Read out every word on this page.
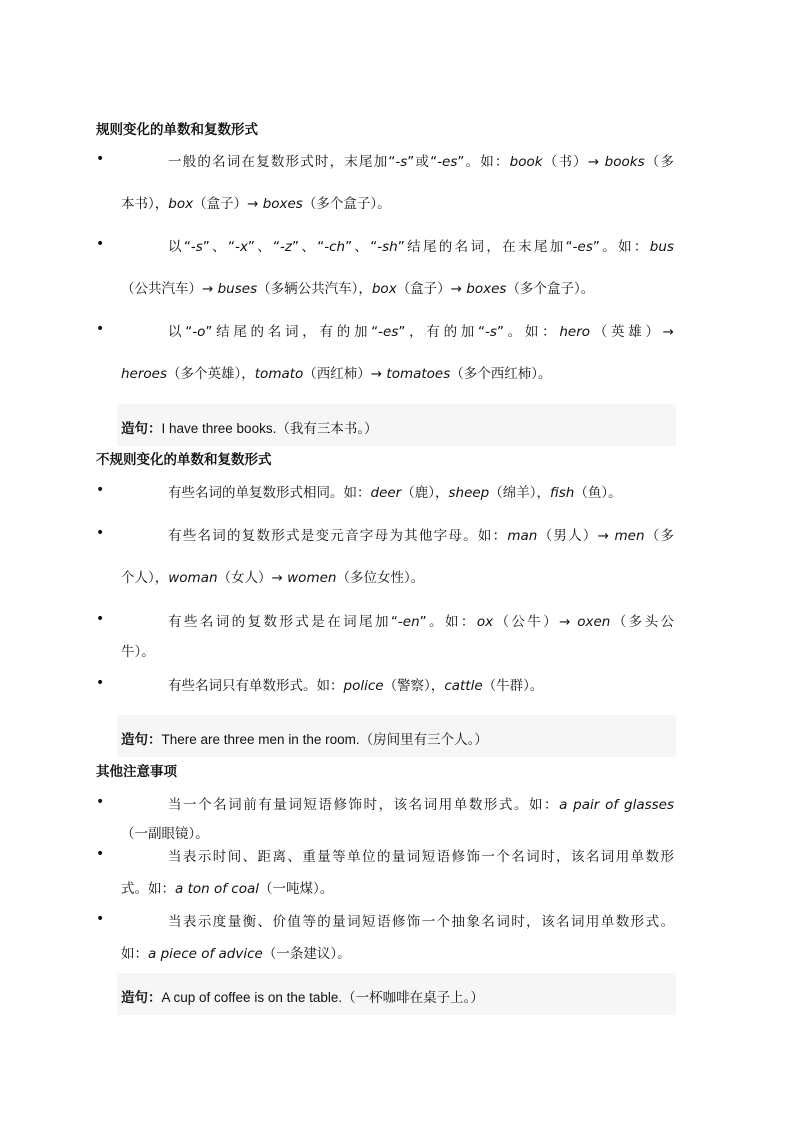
规则变化的单数和复数形式
•	一般的名词在复数形式时，末尾加“-s”或“-es”。如：book（书）→ books（多
本书），box（盒子）→ boxes（多个盒子）。
•	以“-s”、“-x”、“-z”、“-ch”、“-sh”结尾的名词，在末尾加“-es”。如：bus
（公共汽车）→ buses（多辆公共汽车），box（盒子）→ boxes（多个盒子）。
•	以“-o”结尾的名词，有的加“-es”，有的加“-s”。如：hero（英雄）→
heroes（多个英雄），tomato（西红柿）→ tomatoes（多个西红柿）。
造句：I have three books.（我有三本书。）
不规则变化的单数和复数形式
•	有些名词的单复数形式相同。如：deer（鹿），sheep（绵羊），fish（鱼）。
•	有些名词的复数形式是变元音字母为其他字母。如：man（男人）→ men（多
个人），woman（女人）→ women（多位女性）。
•	有些名词的复数形式是在词尾加“-en”。如：ox（公牛）→ oxen（多头公
牛）。
•	有些名词只有单数形式。如：police（警察），cattle（牛群）。
造句：There are three men in the room.（房间里有三个人。）
其他注意事项
•	当一个名词前有量词短语修饰时，该名词用单数形式。如：a pair of glasses
（一副眼镜）。
•	当表示时间、距离、重量等单位的量词短语修饰一个名词时，该名词用单数形
式。如：a ton of coal（一吨煤）。
•	当表示度量衡、价值等的量词短语修饰一个抽象名词时，该名词用单数形式。
如：a piece of advice（一条建议）。
造句：A cup of coffee is on the table.（一杯咖啡在桌子上。）
